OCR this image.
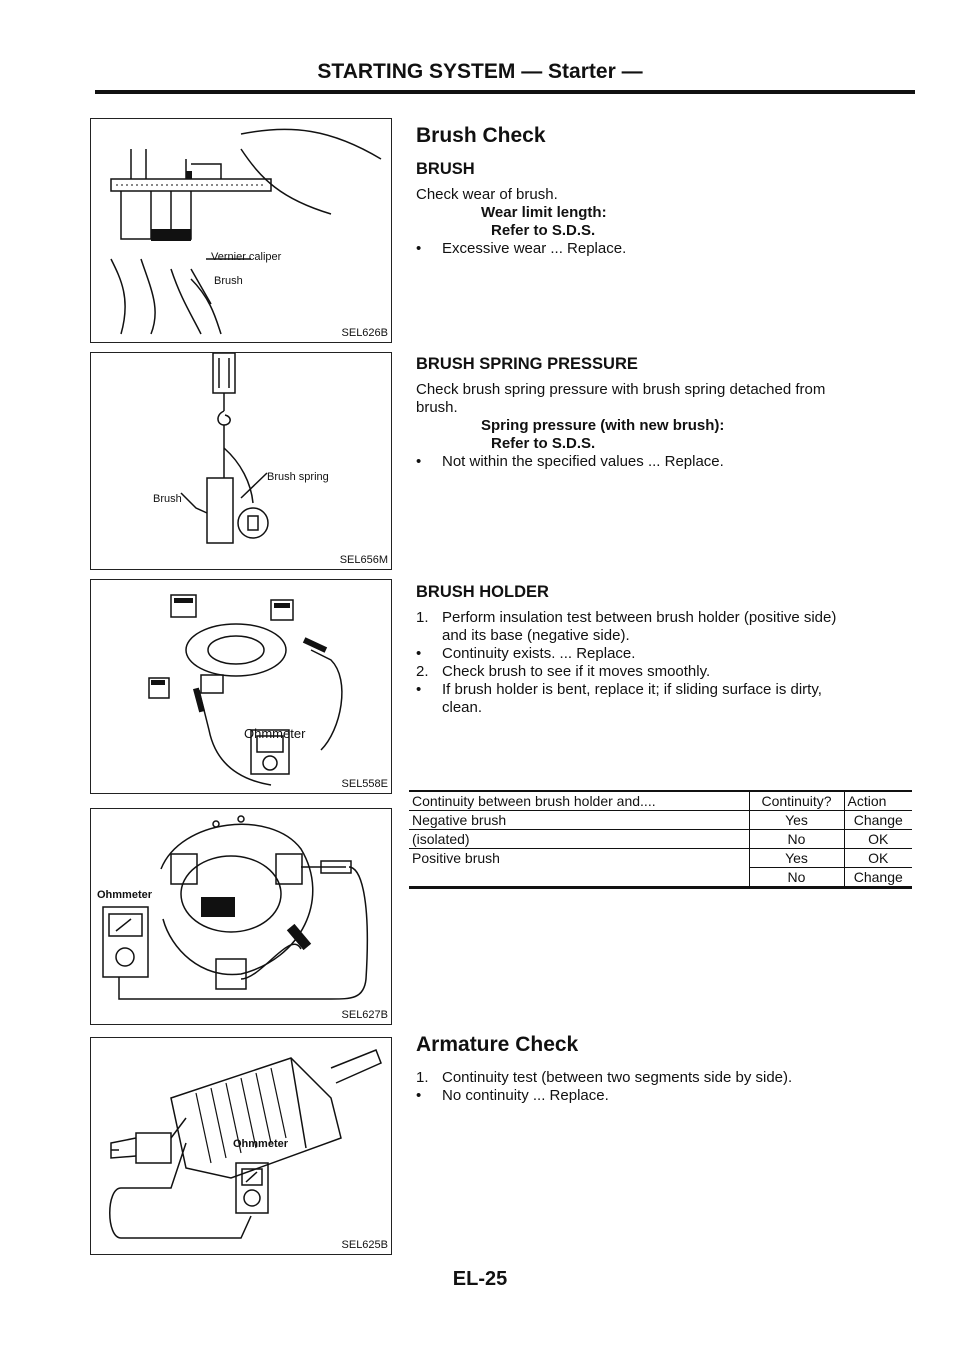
STARTING SYSTEM — Starter —
Vernier caliper
Brush
SEL626B
Brush spring
Brush
SEL656M
Ohmmeter
SEL558E
Ohmmeter
SEL627B
Ohmmeter
SEL625B
Brush Check
BRUSH
Check wear of brush.
Wear limit length:
Refer to S.D.S.
• Excessive wear ... Replace.
BRUSH SPRING PRESSURE
Check brush spring pressure with brush spring detached from
brush.
Spring pressure (with new brush):
Refer to S.D.S.
• Not within the specified values ... Replace.
BRUSH HOLDER
1. Perform insulation test between brush holder (positive side)
and its base (negative side).
• Continuity exists. ... Replace.
2. Check brush to see if it moves smoothly.
• If brush holder is bent, replace it; if sliding surface is dirty,
clean.
Continuity between brush holder and....	Continuity?	Action
Negative brush	Yes	Change
(isolated)	No	OK
Positive brush	Yes	OK
	No	Change
Armature Check
1. Continuity test (between two segments side by side).
• No continuity ... Replace.
EL-25
